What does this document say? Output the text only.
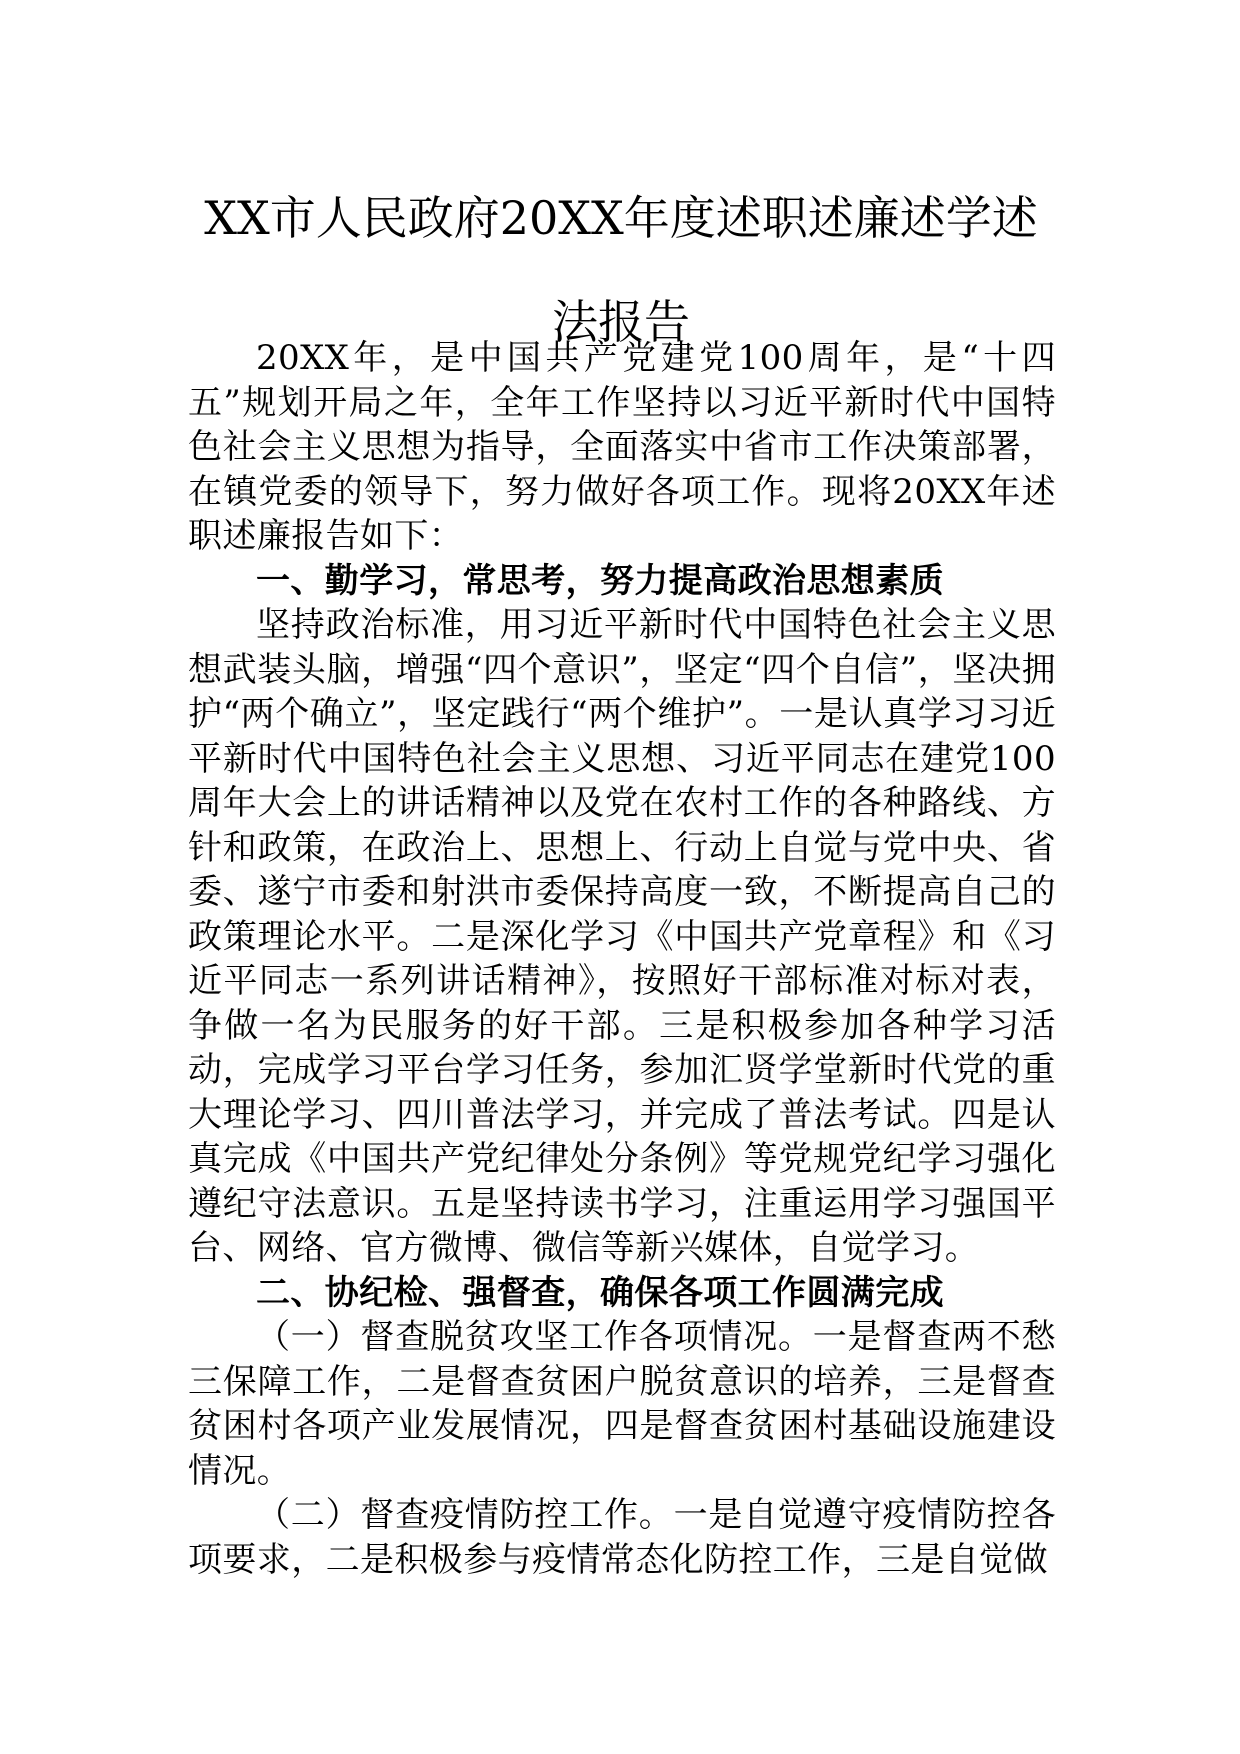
XX市人民政府20XX年度述职述廉述学述法报告

20XX年，是中国共产党建党100周年，是“十四五”规划开局之年，全年工作坚持以习近平新时代中国特色社会主义思想为指导，全面落实中省市工作决策部署，在镇党委的领导下，努力做好各项工作。现将20XX年述职述廉报告如下：

一、勤学习，常思考，努力提高政治思想素质

坚持政治标准，用习近平新时代中国特色社会主义思想武装头脑，增强“四个意识”，坚定“四个自信”，坚决拥护“两个确立”，坚定践行“两个维护”。一是认真学习习近平新时代中国特色社会主义思想、习近平同志在建党100周年大会上的讲话精神以及党在农村工作的各种路线、方针和政策，在政治上、思想上、行动上自觉与党中央、省委、遂宁市委和射洪市委保持高度一致，不断提高自己的政策理论水平。二是深化学习《中国共产党章程》和《习近平同志一系列讲话精神》，按照好干部标准对标对表，争做一名为民服务的好干部。三是积极参加各种学习活动，完成学习平台学习任务，参加汇贤学堂新时代党的重大理论学习、四川普法学习，并完成了普法考试。四是认真完成《中国共产党纪律处分条例》等党规党纪学习强化遵纪守法意识。五是坚持读书学习，注重运用学习强国平台、网络、官方微博、微信等新兴媒体，自觉学习。

二、协纪检、强督查，确保各项工作圆满完成

（一）督查脱贫攻坚工作各项情况。一是督查两不愁三保障工作，二是督查贫困户脱贫意识的培养，三是督查贫困村各项产业发展情况，四是督查贫困村基础设施建设情况。

（二）督查疫情防控工作。一是自觉遵守疫情防控各项要求，二是积极参与疫情常态化防控工作，三是自觉做
